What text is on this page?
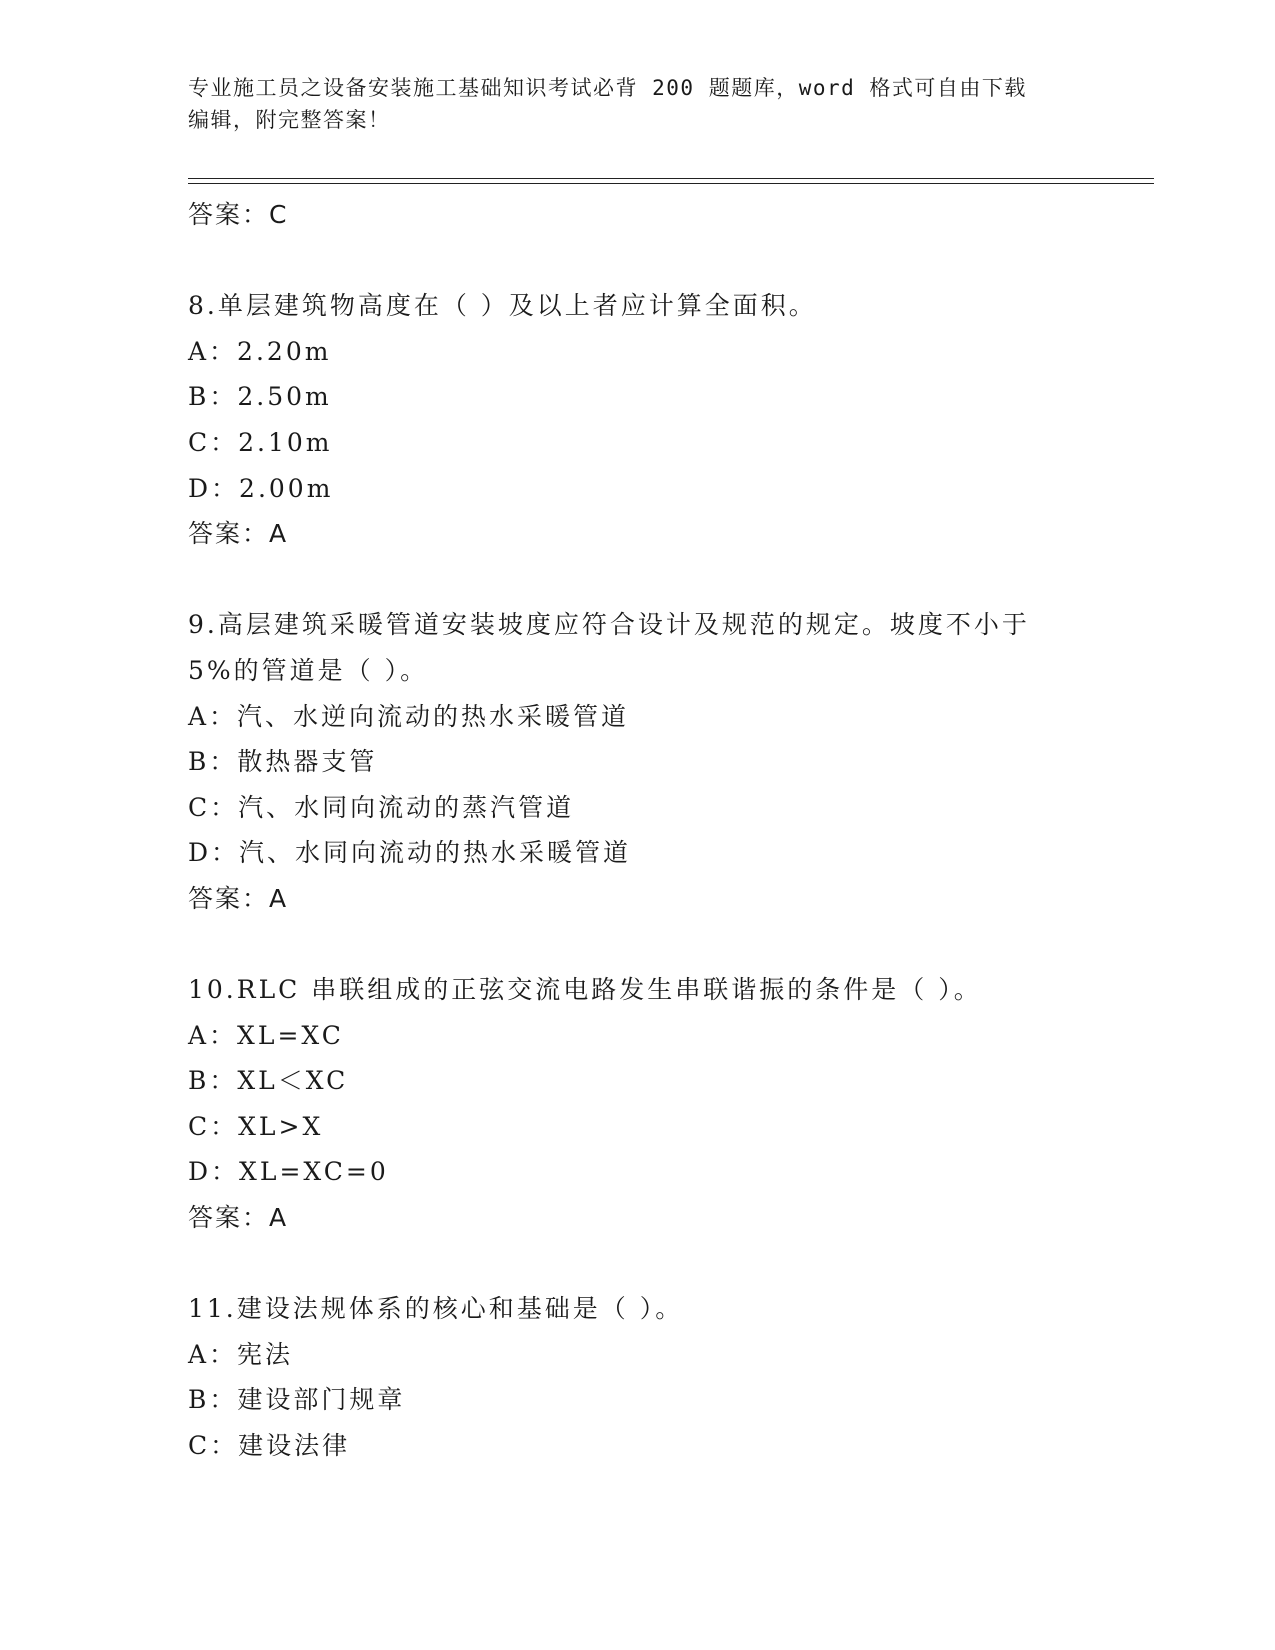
专业施工员之设备安装施工基础知识考试必背 200 题题库，word 格式可自由下载
编辑，附完整答案！
答案：C
8.单层建筑物高度在（ ）及以上者应计算全面积。
A：2.20m
B：2.50m
C：2.10m
D：2.00m
答案：A
9.高层建筑采暖管道安装坡度应符合设计及规范的规定。坡度不小于
5%的管道是（ ）。
A：汽、水逆向流动的热水采暖管道
B：散热器支管
C：汽、水同向流动的蒸汽管道
D：汽、水同向流动的热水采暖管道
答案：A
10.RLC 串联组成的正弦交流电路发生串联谐振的条件是（ ）。
A：XL=XC
B：XL＜XC
C：XL>X
D：XL=XC=0
答案：A
11.建设法规体系的核心和基础是（ ）。
A：宪法
B：建设部门规章
C：建设法律
